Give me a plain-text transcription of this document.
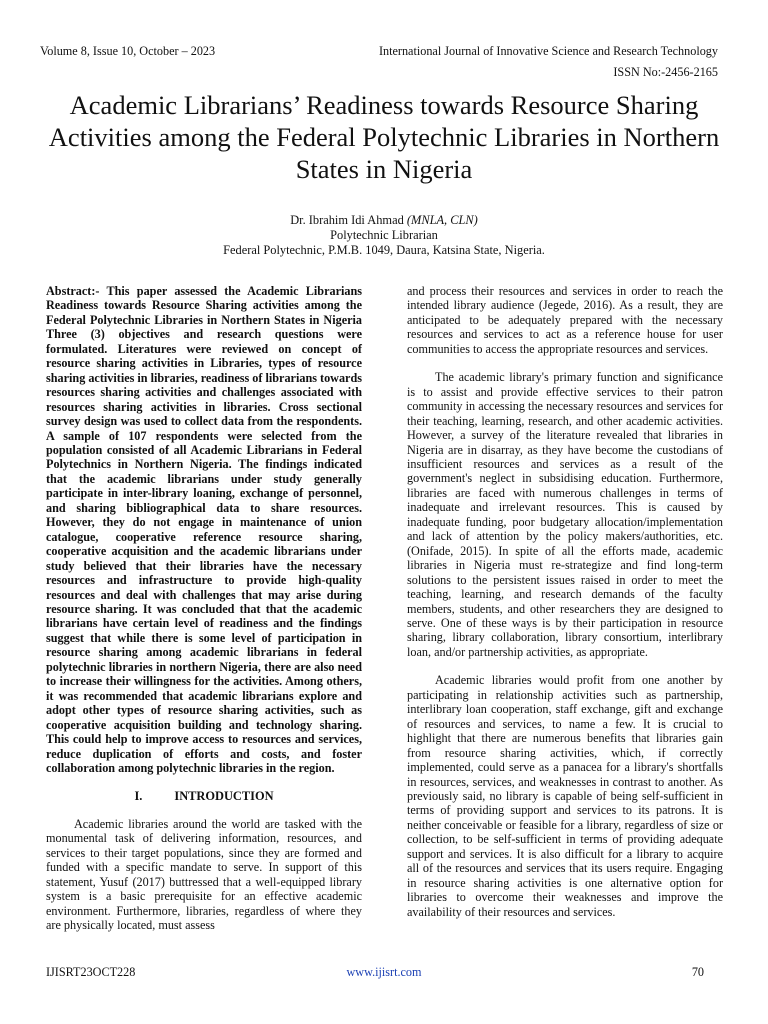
Volume 8, Issue 10, October – 2023	International Journal of Innovative Science and Research Technology
ISSN No:-2456-2165
Academic Librarians’ Readiness towards Resource Sharing Activities among the Federal Polytechnic Libraries in Northern States in Nigeria
Dr. Ibrahim Idi Ahmad (MNLA, CLN)
Polytechnic Librarian
Federal Polytechnic, P.M.B. 1049, Daura, Katsina State, Nigeria.

Abstract:- This paper assessed the Academic Librarians Readiness towards Resource Sharing activities among the Federal Polytechnic Libraries in Northern States in Nigeria Three (3) objectives and research questions were formulated. Literatures were reviewed on concept of resource sharing activities in Libraries, types of resource sharing activities in libraries, readiness of librarians towards resources sharing activities and challenges associated with resources sharing activities in libraries. Cross sectional survey design was used to collect data from the respondents. A sample of 107 respondents were selected from the population consisted of all Academic Librarians in Federal Polytechnics in Northern Nigeria. The findings indicated that the academic librarians under study generally participate in inter-library loaning, exchange of personnel, and sharing bibliographical data to share resources. However, they do not engage in maintenance of union catalogue, cooperative reference resource sharing, cooperative acquisition and the academic librarians under study believed that their libraries have the necessary resources and infrastructure to provide high-quality resources and deal with challenges that may arise during resource sharing. It was concluded that that the academic librarians have certain level of readiness and the findings suggest that while there is some level of participation in resource sharing among academic librarians in federal polytechnic libraries in northern Nigeria, there are also need to increase their willingness for the activities. Among others, it was recommended that academic librarians explore and adopt other types of resource sharing activities, such as cooperative acquisition building and technology sharing. This could help to improve access to resources and services, reduce duplication of efforts and costs, and foster collaboration among polytechnic libraries in the region.

I.	INTRODUCTION

Academic libraries around the world are tasked with the monumental task of delivering information, resources, and services to their target populations, since they are formed and funded with a specific mandate to serve. In support of this statement, Yusuf (2017) buttressed that a well-equipped library system is a basic prerequisite for an effective academic environment. Furthermore, libraries, regardless of where they are physically located, must assess

and process their resources and services in order to reach the intended library audience (Jegede, 2016). As a result, they are anticipated to be adequately prepared with the necessary resources and services to act as a reference house for user communities to access the appropriate resources and services.

The academic library's primary function and significance is to assist and provide effective services to their patron community in accessing the necessary resources and services for their teaching, learning, research, and other academic activities. However, a survey of the literature revealed that libraries in Nigeria are in disarray, as they have become the custodians of insufficient resources and services as a result of the government's neglect in subsidising education. Furthermore, libraries are faced with numerous challenges in terms of inadequate and irrelevant resources. This is caused by inadequate funding, poor budgetary allocation/implementation and lack of attention by the policy makers/authorities, etc. (Onifade, 2015). In spite of all the efforts made, academic libraries in Nigeria must re-strategize and find long-term solutions to the persistent issues raised in order to meet the teaching, learning, and research demands of the faculty members, students, and other researchers they are designed to serve. One of these ways is by their participation in resource sharing, library collaboration, library consortium, interlibrary loan, and/or partnership activities, as appropriate.

Academic libraries would profit from one another by participating in relationship activities such as partnership, interlibrary loan cooperation, staff exchange, gift and exchange of resources and services, to name a few. It is crucial to highlight that there are numerous benefits that libraries gain from resource sharing activities, which, if correctly implemented, could serve as a panacea for a library's shortfalls in resources, services, and weaknesses in contrast to another. As previously said, no library is capable of being self-sufficient in terms of providing support and services to its patrons. It is neither conceivable or feasible for a library, regardless of size or collection, to be self-sufficient in terms of providing adequate support and services. It is also difficult for a library to acquire all of the resources and services that its users require. Engaging in resource sharing activities is one alternative option for libraries to overcome their weaknesses and improve the availability of their resources and services.

IJISRT23OCT228	www.ijisrt.com	70
